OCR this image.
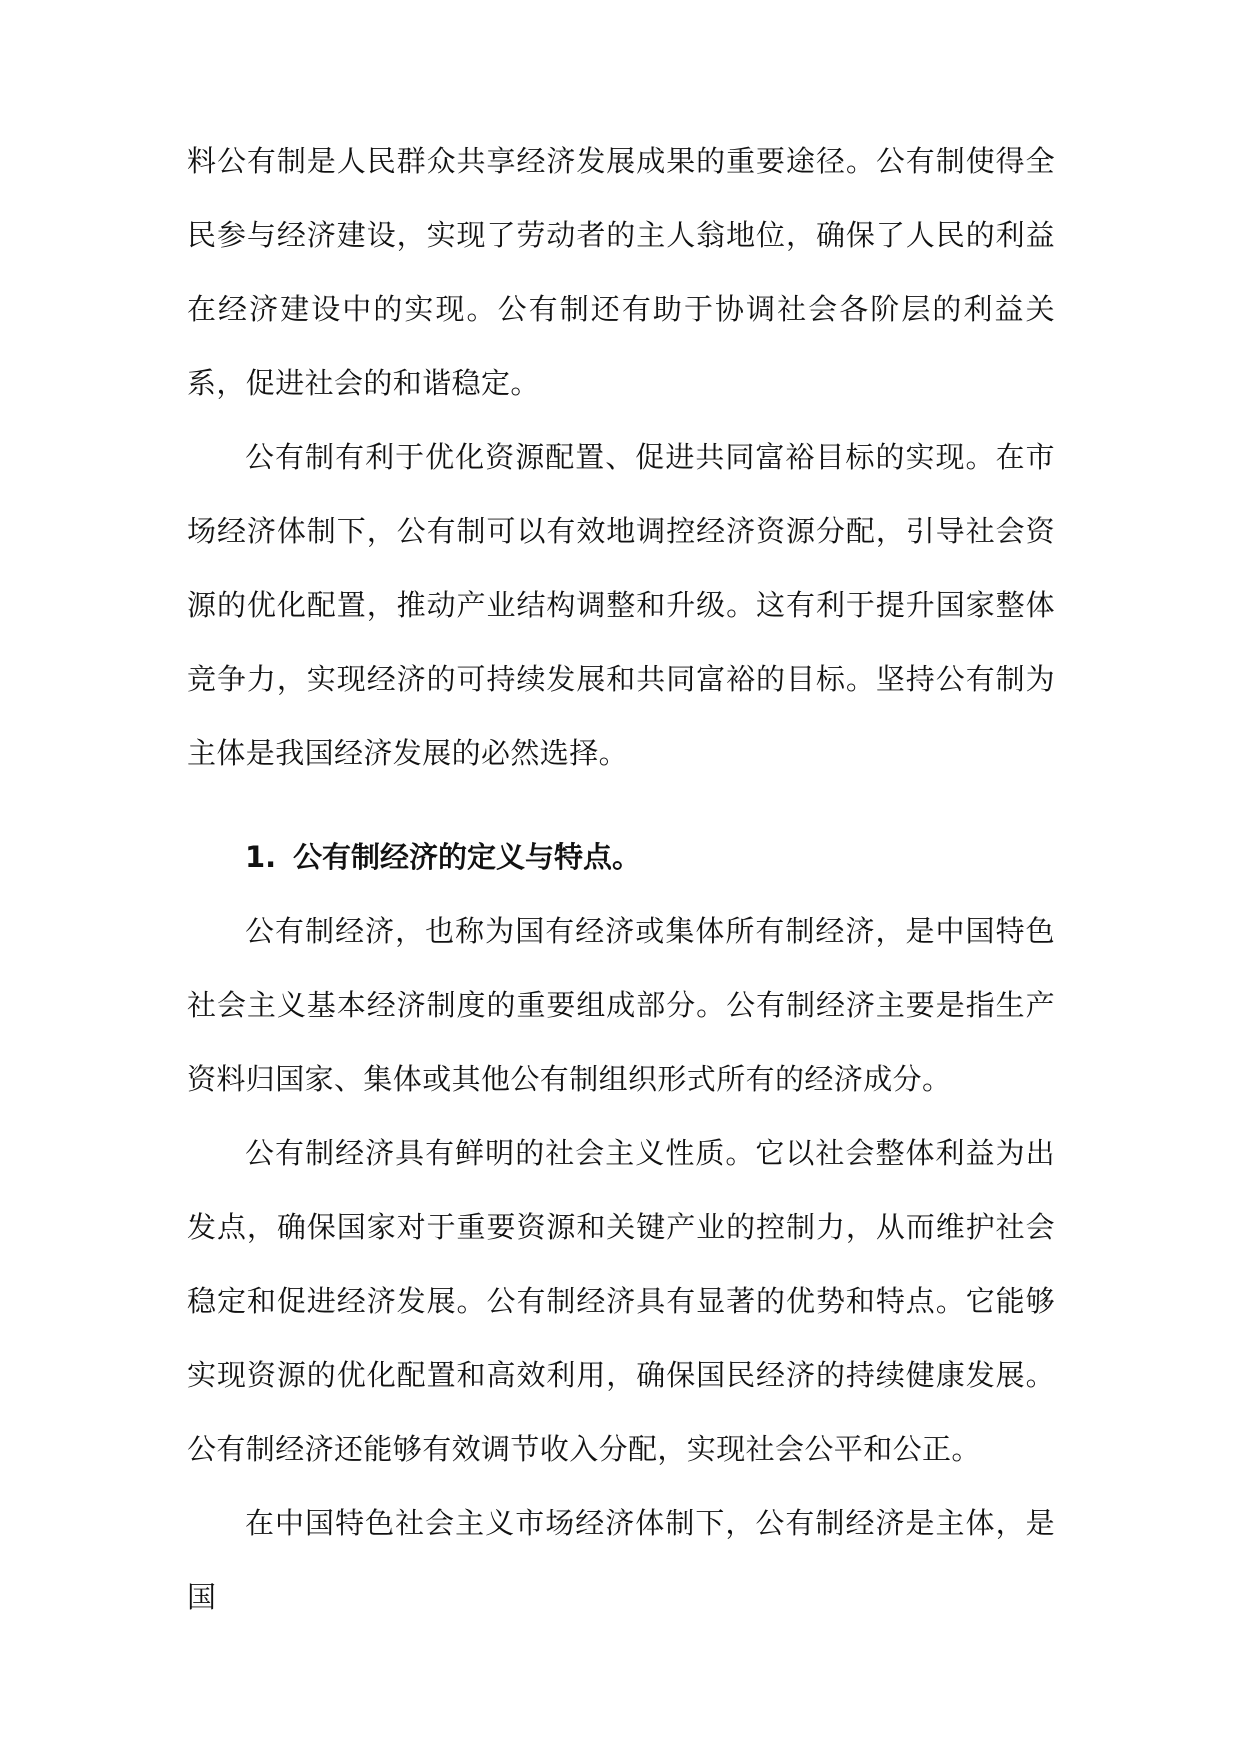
料公有制是人民群众共享经济发展成果的重要途径。公有制使得全民参与经济建设，实现了劳动者的主人翁地位，确保了人民的利益在经济建设中的实现。公有制还有助于协调社会各阶层的利益关系，促进社会的和谐稳定。

公有制有利于优化资源配置、促进共同富裕目标的实现。在市场经济体制下，公有制可以有效地调控经济资源分配，引导社会资源的优化配置，推动产业结构调整和升级。这有利于提升国家整体竞争力，实现经济的可持续发展和共同富裕的目标。坚持公有制为主体是我国经济发展的必然选择。

1. 公有制经济的定义与特点。

公有制经济，也称为国有经济或集体所有制经济，是中国特色社会主义基本经济制度的重要组成部分。公有制经济主要是指生产资料归国家、集体或其他公有制组织形式所有的经济成分。

公有制经济具有鲜明的社会主义性质。它以社会整体利益为出发点，确保国家对于重要资源和关键产业的控制力，从而维护社会稳定和促进经济发展。公有制经济具有显著的优势和特点。它能够实现资源的优化配置和高效利用，确保国民经济的持续健康发展。公有制经济还能够有效调节收入分配，实现社会公平和公正。

在中国特色社会主义市场经济体制下，公有制经济是主体，是国
